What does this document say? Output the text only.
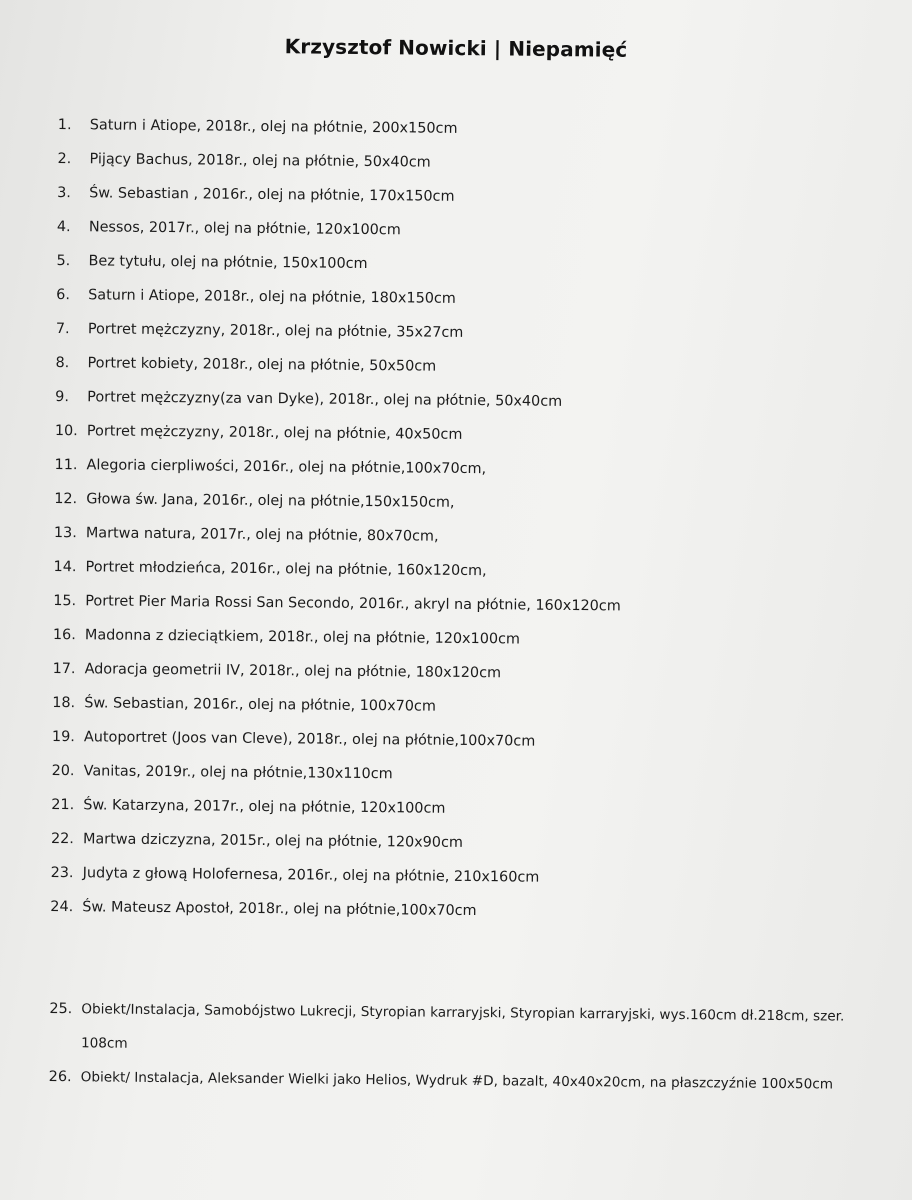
Krzysztof Nowicki | Niepamięć
1. Saturn i Atiope, 2018r., olej na płótnie, 200x150cm
2. Pijący Bachus, 2018r., olej na płótnie, 50x40cm
3. Św. Sebastian , 2016r., olej na płótnie, 170x150cm
4. Nessos, 2017r., olej na płótnie, 120x100cm
5. Bez tytułu, olej na płótnie, 150x100cm
6. Saturn i Atiope, 2018r., olej na płótnie, 180x150cm
7. Portret mężczyzny, 2018r., olej na płótnie, 35x27cm
8. Portret kobiety, 2018r., olej na płótnie, 50x50cm
9. Portret mężczyzny(za van Dyke), 2018r., olej na płótnie, 50x40cm
10. Portret mężczyzny, 2018r., olej na płótnie, 40x50cm
11. Alegoria cierpliwości, 2016r., olej na płótnie,100x70cm,
12. Głowa św. Jana, 2016r., olej na płótnie,150x150cm,
13. Martwa natura, 2017r., olej na płótnie, 80x70cm,
14. Portret młodzieńca, 2016r., olej na płótnie, 160x120cm,
15. Portret Pier Maria Rossi San Secondo, 2016r., akryl na płótnie, 160x120cm
16. Madonna z dzieciątkiem, 2018r., olej na płótnie, 120x100cm
17. Adoracja geometrii IV, 2018r., olej na płótnie, 180x120cm
18. Św. Sebastian, 2016r., olej na płótnie, 100x70cm
19. Autoportret (Joos van Cleve), 2018r., olej na płótnie,100x70cm
20. Vanitas, 2019r., olej na płótnie,130x110cm
21. Św. Katarzyna, 2017r., olej na płótnie, 120x100cm
22. Martwa dziczyzna, 2015r., olej na płótnie, 120x90cm
23. Judyta z głową Holofernesa, 2016r., olej na płótnie, 210x160cm
24. Św. Mateusz Apostoł, 2018r., olej na płótnie,100x70cm
25. Obiekt/Instalacja, Samobójstwo Lukrecji, Styropian karraryjski, Styropian karraryjski, wys.160cm dł.218cm, szer. 108cm
26. Obiekt/ Instalacja, Aleksander Wielki jako Helios, Wydruk #D, bazalt, 40x40x20cm, na płaszczyźnie 100x50cm
